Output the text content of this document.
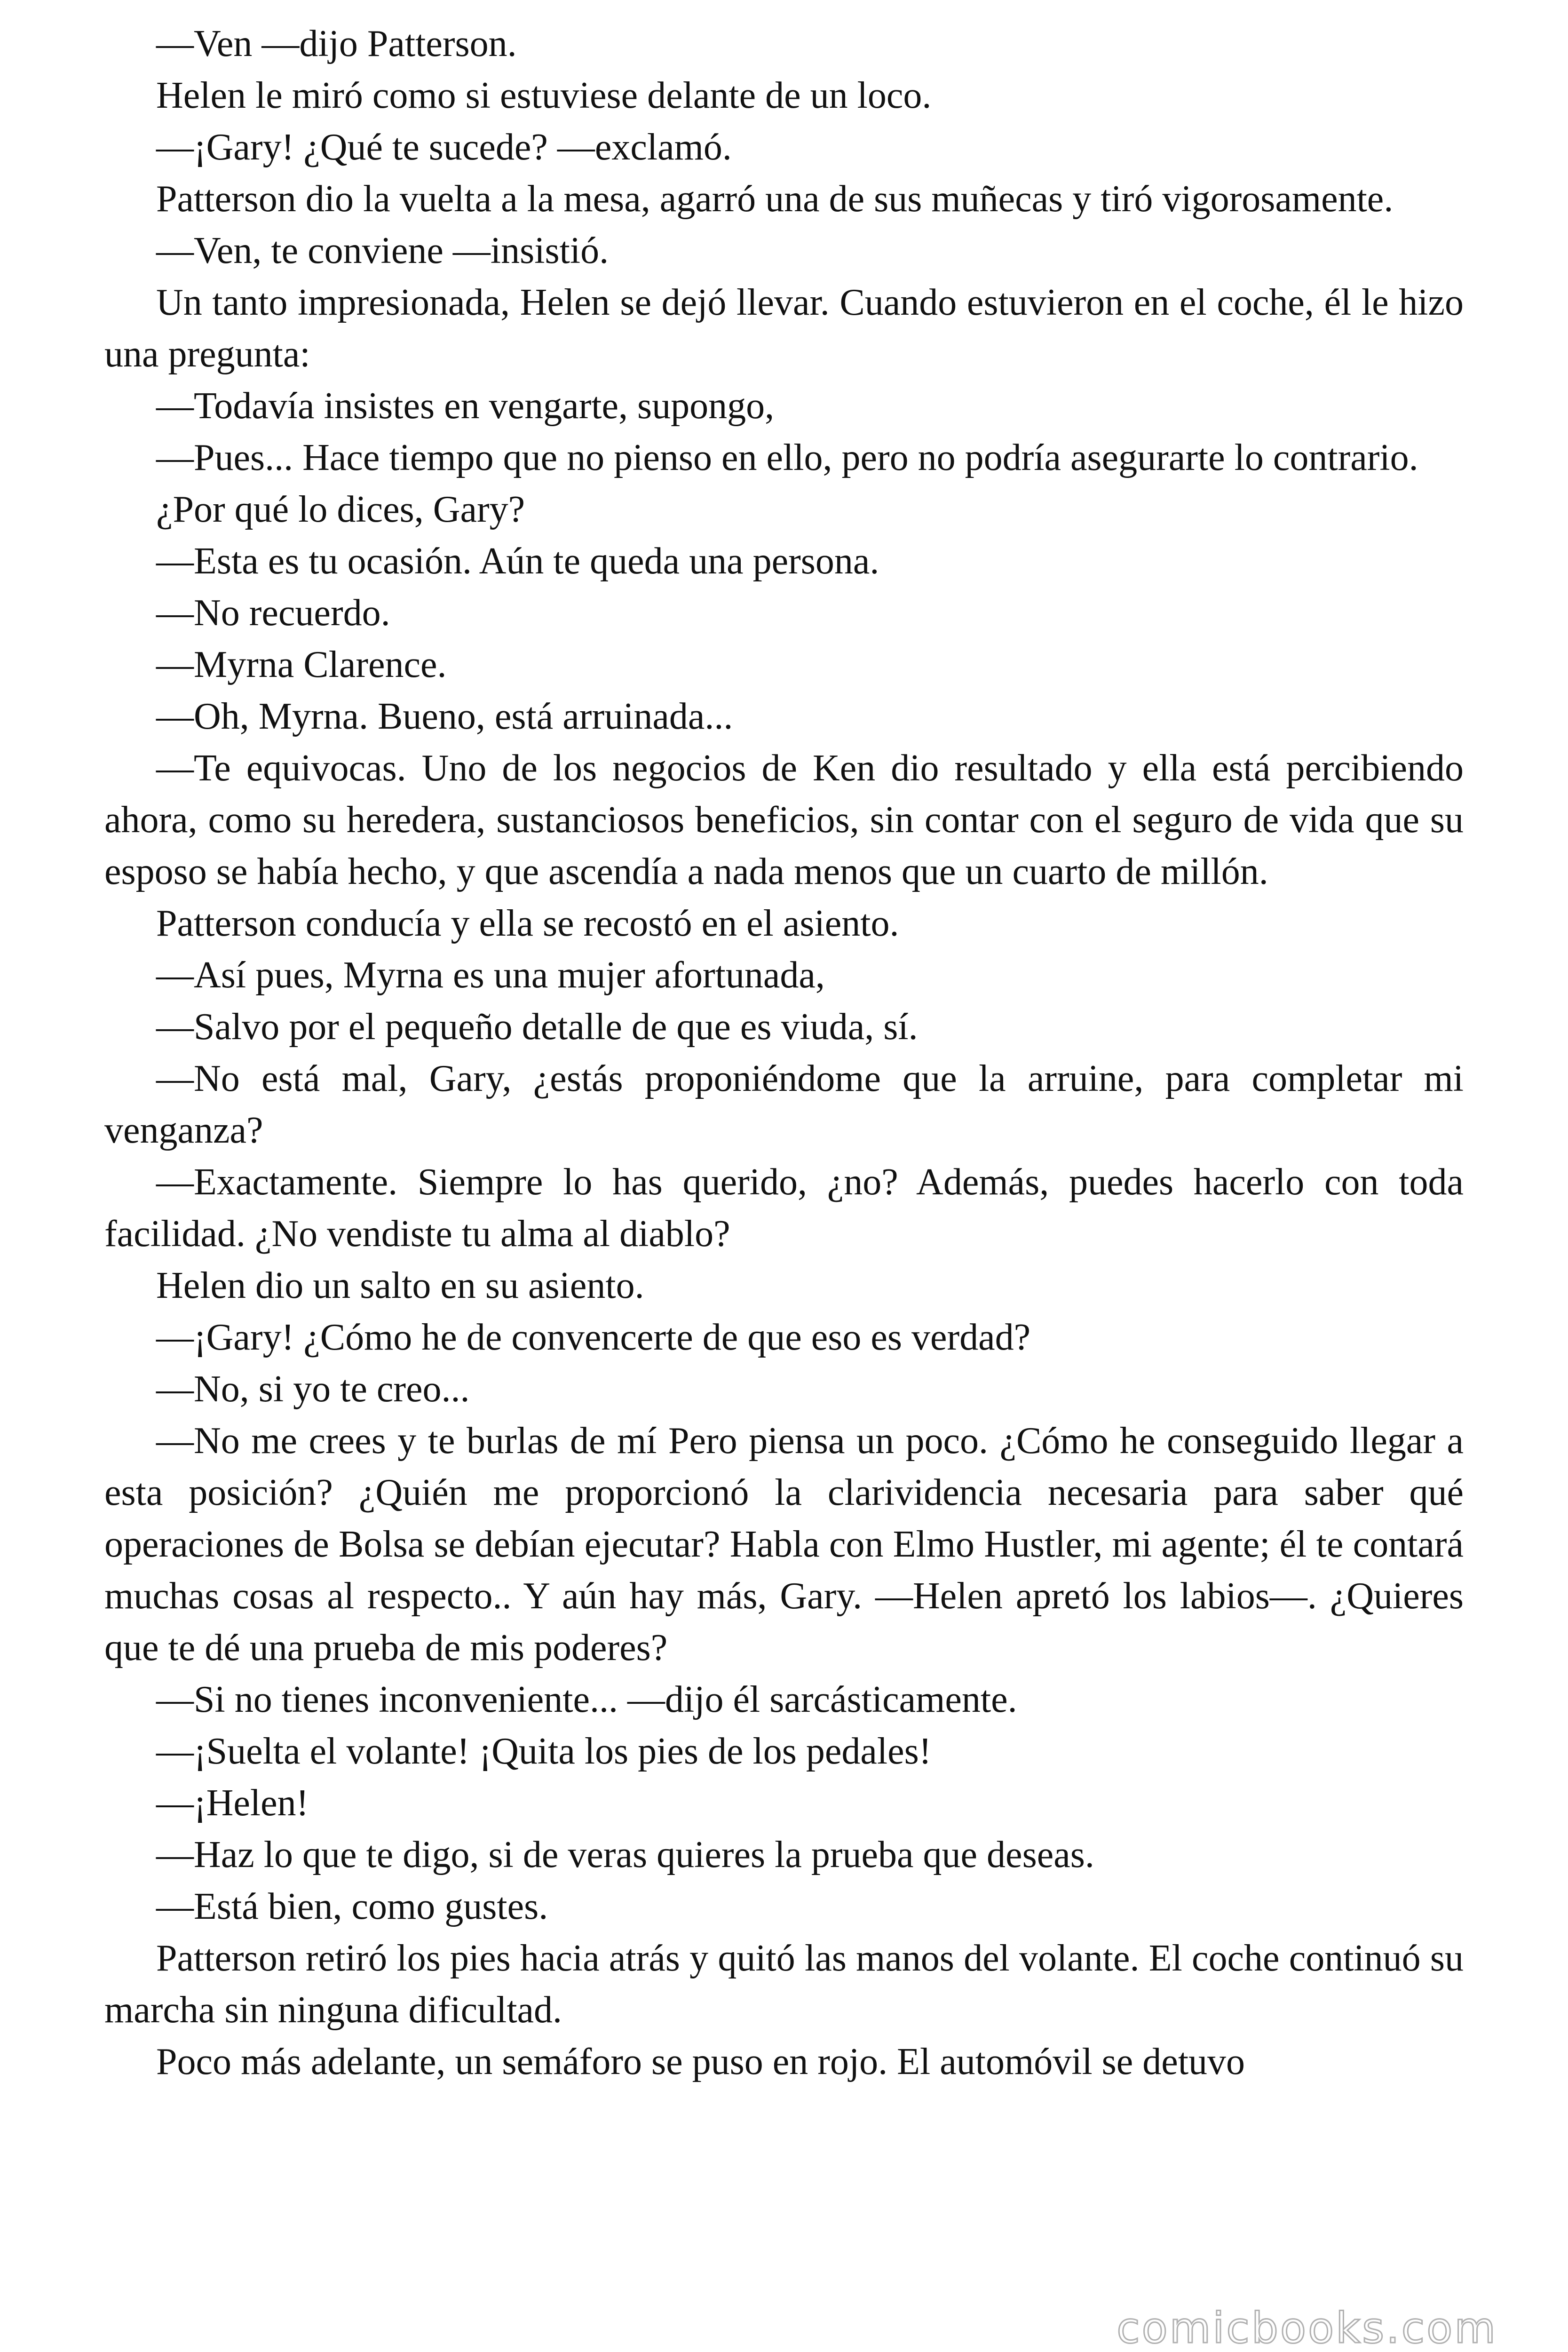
—Ven —dijo Patterson.

Helen le miró como si estuviese delante de un loco.

—¡Gary! ¿Qué te sucede? —exclamó.

Patterson dio la vuelta a la mesa, agarró una de sus muñecas y tiró vigorosamente.

—Ven, te conviene —insistió.

Un tanto impresionada, Helen se dejó llevar. Cuando estuvieron en el coche, él le hizo una pregunta:

—Todavía insistes en vengarte, supongo,

—Pues... Hace tiempo que no pienso en ello, pero no podría asegurarte lo contrario.

¿Por qué lo dices, Gary?

—Esta es tu ocasión. Aún te queda una persona.

—No recuerdo.

—Myrna Clarence.

—Oh, Myrna. Bueno, está arruinada...

—Te equivocas. Uno de los negocios de Ken dio resultado y ella está percibiendo ahora, como su heredera, sustanciosos beneficios, sin contar con el seguro de vida que su esposo se había hecho, y que ascendía a nada menos que un cuarto de millón.

Patterson conducía y ella se recostó en el asiento.

—Así pues, Myrna es una mujer afortunada,

—Salvo por el pequeño detalle de que es viuda, sí.

—No está mal, Gary, ¿estás proponiéndome que la arruine, para completar mi venganza?

—Exactamente. Siempre lo has querido, ¿no? Además, puedes hacerlo con toda facilidad. ¿No vendiste tu alma al diablo?

Helen dio un salto en su asiento.

—¡Gary! ¿Cómo he de convencerte de que eso es verdad?

—No, si yo te creo...

—No me crees y te burlas de mí Pero piensa un poco. ¿Cómo he conseguido llegar a esta posición? ¿Quién me proporcionó la clarividencia necesaria para saber qué operaciones de Bolsa se debían ejecutar? Habla con Elmo Hustler, mi agente; él te contará muchas cosas al respecto.. Y aún hay más, Gary. —Helen apretó los labios—. ¿Quieres que te dé una prueba de mis poderes?

—Si no tienes inconveniente... —dijo él sarcásticamente.

—¡Suelta el volante! ¡Quita los pies de los pedales!

—¡Helen!

—Haz lo que te digo, si de veras quieres la prueba que deseas.

—Está bien, como gustes.

Patterson retiró los pies hacia atrás y quitó las manos del volante. El coche continuó su marcha sin ninguna dificultad.

Poco más adelante, un semáforo se puso en rojo. El automóvil se detuvo

comicbooks.com
